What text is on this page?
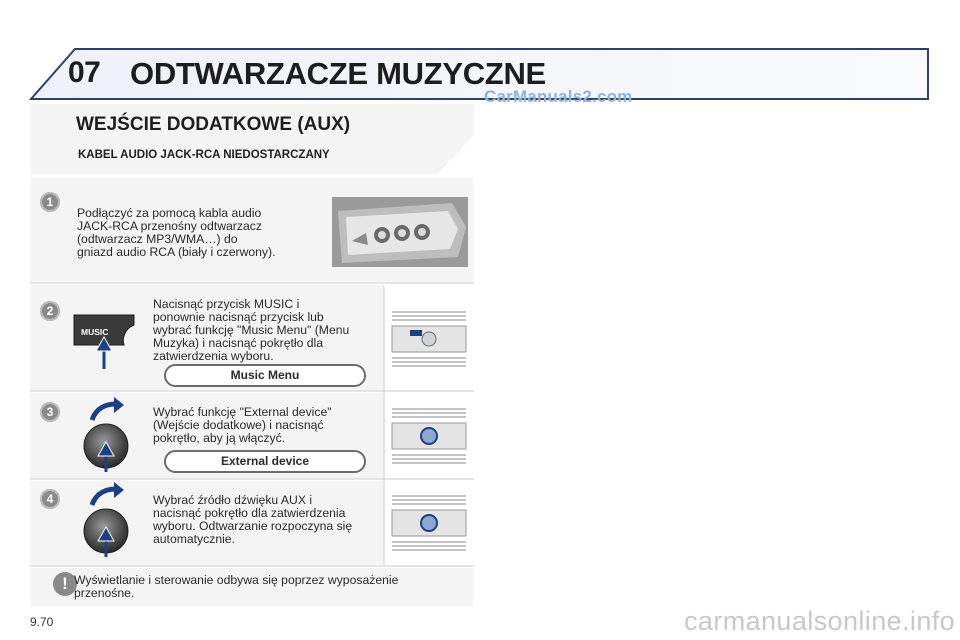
07 ODTWARZACZE MUZYCZNE
CarManuals2.com
WEJŚCIE DODATKOWE (AUX)
KABEL AUDIO JACK-RCA NIEDOSTARCZANY
1
2
3
4
Podłączyć za pomocą kabla audio
JACK-RCA przenośny odtwarzacz
(odtwarzacz MP3/WMA…) do
gniazd audio RCA (biały i czerwony).
Nacisnąć przycisk MUSIC i
ponownie nacisnąć przycisk lub
wybrać funkcję "Music Menu" (Menu
Muzyka) i nacisnąć pokrętło dla
zatwierdzenia wyboru.
Wybrać funkcję "External device"
(Wejście dodatkowe) i nacisnąć
pokrętło, aby ją włączyć.
Wybrać źródło dźwięku AUX i
nacisnąć pokrętło dla zatwierdzenia
wyboru. Odtwarzanie rozpoczyna się
automatycznie.
Music Menu
External device
MUSIC
! Wyświetlanie i sterowanie odbywa się poprzez wyposażenie
przenośne.
9.70	carmanualsonline.info
